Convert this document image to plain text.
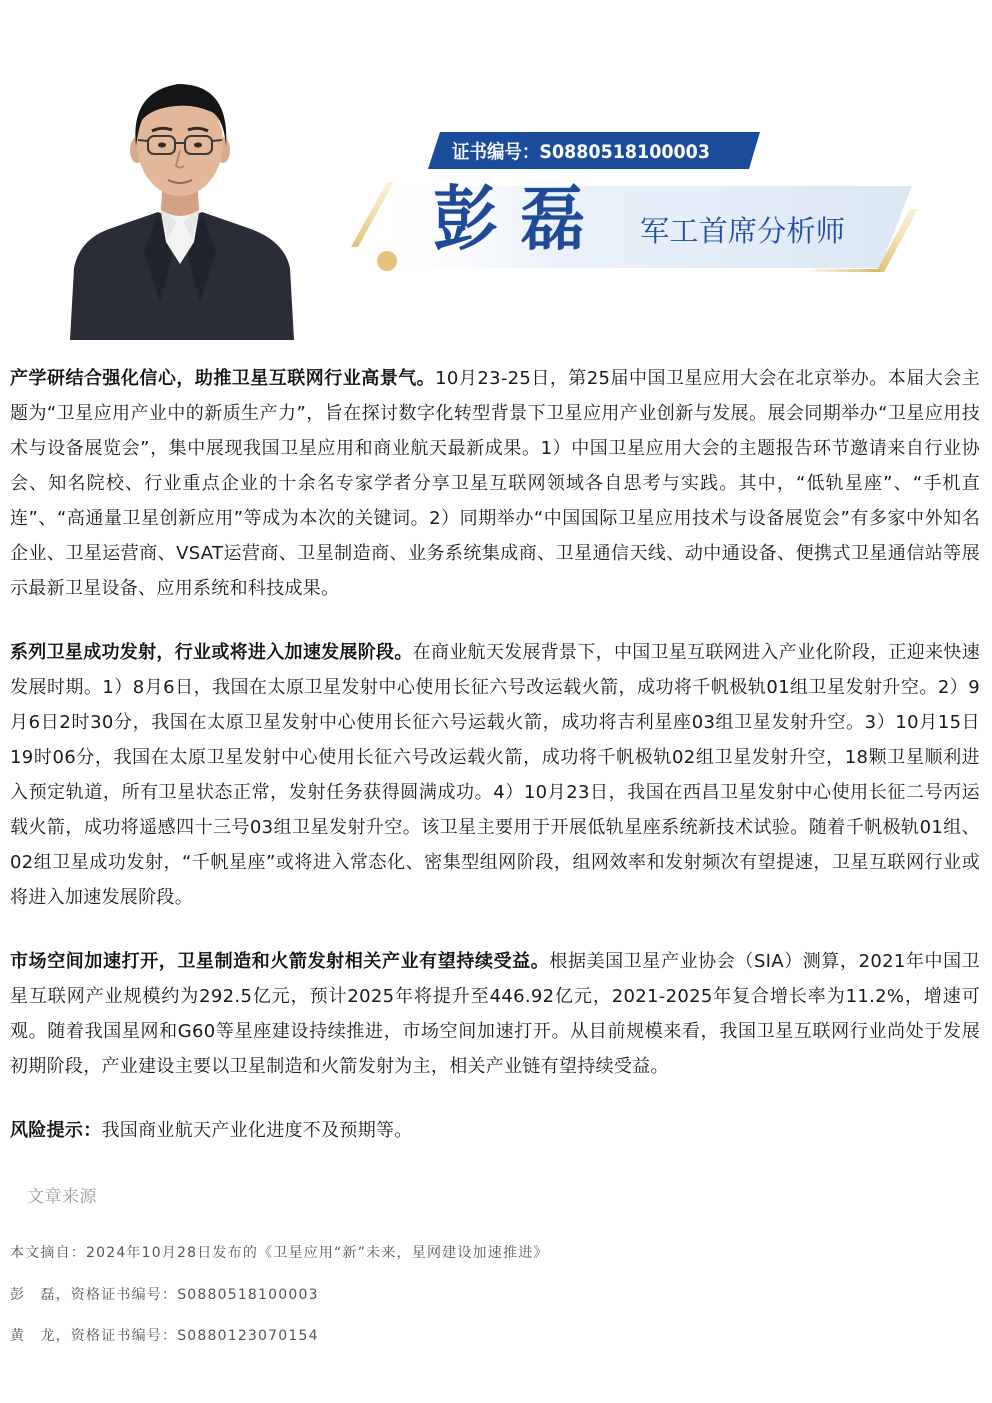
证书编号：S0880518100003
彭 磊 军工首席分析师

产学研结合强化信心，助推卫星互联网行业高景气。10月23-25日，第25届中国卫星应用大会在北京举办。本届大会主题为“卫星应用产业中的新质生产力”，旨在探讨数字化转型背景下卫星应用产业创新与发展。展会同期举办“卫星应用技术与设备展览会”，集中展现我国卫星应用和商业航天最新成果。1）中国卫星应用大会的主题报告环节邀请来自行业协会、知名院校、行业重点企业的十余名专家学者分享卫星互联网领域各自思考与实践。其中，“低轨星座”、“手机直连”、“高通量卫星创新应用”等成为本次的关键词。2）同期举办“中国国际卫星应用技术与设备展览会”有多家中外知名企业、卫星运营商、VSAT运营商、卫星制造商、业务系统集成商、卫星通信天线、动中通设备、便携式卫星通信站等展示最新卫星设备、应用系统和科技成果。

系列卫星成功发射，行业或将进入加速发展阶段。在商业航天发展背景下，中国卫星互联网进入产业化阶段，正迎来快速发展时期。1）8月6日，我国在太原卫星发射中心使用长征六号改运载火箭，成功将千帆极轨01组卫星发射升空。2）9月6日2时30分，我国在太原卫星发射中心使用长征六号运载火箭，成功将吉利星座03组卫星发射升空。3）10月15日19时06分，我国在太原卫星发射中心使用长征六号改运载火箭，成功将千帆极轨02组卫星发射升空，18颗卫星顺利进入预定轨道，所有卫星状态正常，发射任务获得圆满成功。4）10月23日，我国在西昌卫星发射中心使用长征二号丙运载火箭，成功将遥感四十三号03组卫星发射升空。该卫星主要用于开展低轨星座系统新技术试验。随着千帆极轨01组、02组卫星成功发射，“千帆星座”或将进入常态化、密集型组网阶段，组网效率和发射频次有望提速，卫星互联网行业或将进入加速发展阶段。

市场空间加速打开，卫星制造和火箭发射相关产业有望持续受益。根据美国卫星产业协会（SIA）测算，2021年中国卫星互联网产业规模约为292.5亿元，预计2025年将提升至446.92亿元，2021-2025年复合增长率为11.2%，增速可观。随着我国星网和G60等星座建设持续推进，市场空间加速打开。从目前规模来看，我国卫星互联网行业尚处于发展初期阶段，产业建设主要以卫星制造和火箭发射为主，相关产业链有望持续受益。

风险提示：我国商业航天产业化进度不及预期等。

文章来源
本文摘自：2024年10月28日发布的《卫星应用“新”未来，星网建设加速推进》
彭　磊，资格证书编号：S0880518100003
黄　龙，资格证书编号：S0880123070154
